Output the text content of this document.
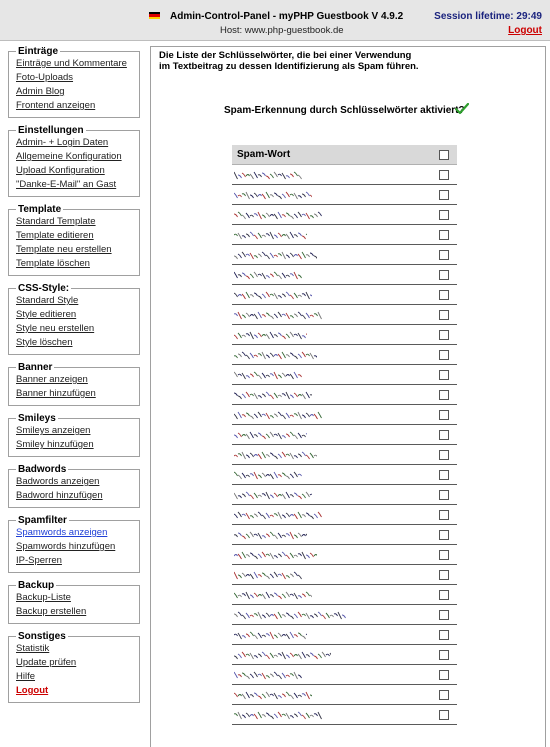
Admin-Control-Panel - myPHP Guestbook V 4.9.2
Host: www.php-guestbook.de
Session lifetime: 29:49
Logout
Einträge
Einträge und Kommentare
Foto-Uploads
Admin Blog
Frontend anzeigen
Einstellungen
Admin- + Login Daten
Allgemeine Konfiguration
Upload Konfiguration
"Danke-E-Mail" an Gast
Template
Standard Template
Template editieren
Template neu erstellen
Template löschen
CSS-Style:
Standard Style
Style editieren
Style neu erstellen
Style löschen
Banner
Banner anzeigen
Banner hinzufügen
Smileys
Smileys anzeigen
Smiley hinzufügen
Badwords
Badwords anzeigen
Badword hinzufügen
Spamfilter
Spamwords anzeigen
Spamwords hinzufügen
IP-Sperren
Backup
Backup-Liste
Backup erstellen
Sonstiges
Statistik
Update prüfen
Hilfe
Logout
Die Liste der Schlüsselwörter, die bei einer Verwendung
im Textbeitrag zu dessen Identifizierung als Spam führen.
Spam-Erkennung durch Schlüsselwörter aktiviert?
Spam-Wort
